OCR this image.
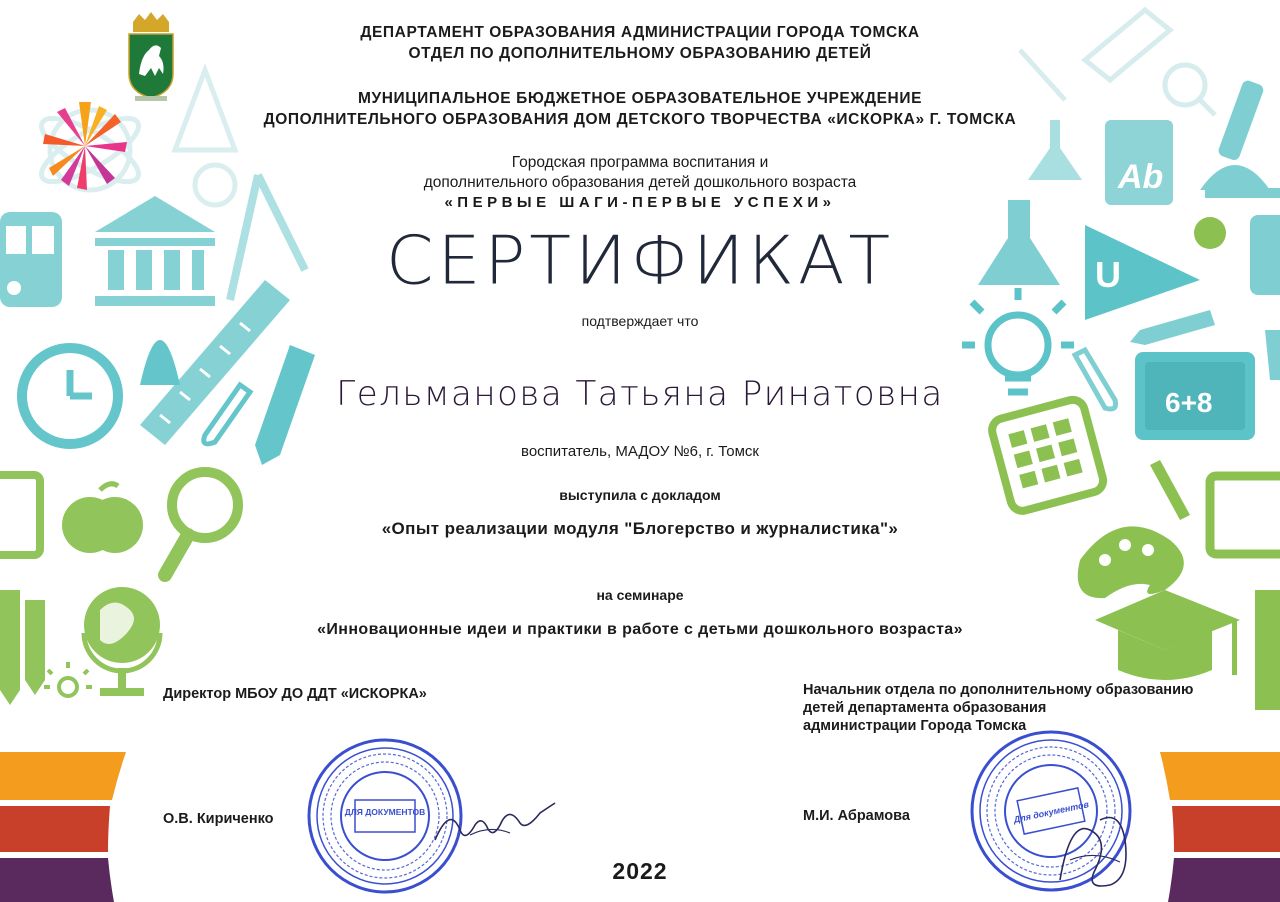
Ab
U
6+8
ДЕПАРТАМЕНТ ОБРАЗОВАНИЯ АДМИНИСТРАЦИИ ГОРОДА ТОМСКА
ОТДЕЛ ПО ДОПОЛНИТЕЛЬНОМУ ОБРАЗОВАНИЮ ДЕТЕЙ
МУНИЦИПАЛЬНОЕ БЮДЖЕТНОЕ ОБРАЗОВАТЕЛЬНОЕ УЧРЕЖДЕНИЕ
ДОПОЛНИТЕЛЬНОГО ОБРАЗОВАНИЯ ДОМ ДЕТСКОГО ТВОРЧЕСТВА «ИСКОРКА» Г. ТОМСКА
Городская программа воспитания и
дополнительного образования детей дошкольного возраста
«ПЕРВЫЕ ШАГИ-ПЕРВЫЕ УСПЕХИ»
СЕРТИФИКАТ
подтверждает что
Гельманова Татьяна Ринатовна
воспитатель, МАДОУ №6, г. Томск
выступила с докладом
«Опыт реализации модуля "Блогерство и журналистика"»
на семинаре
«Инновационные идеи и практики в работе с детьми дошкольного возраста»
Директор МБОУ ДО ДДТ «ИСКОРКА»
О.В. Кириченко
Начальник отдела по дополнительному образованию
детей департамента образования
администрации Города Томска
М.И. Абрамова
ДЛЯ ДОКУМЕНТОВ	Для документов
2022
